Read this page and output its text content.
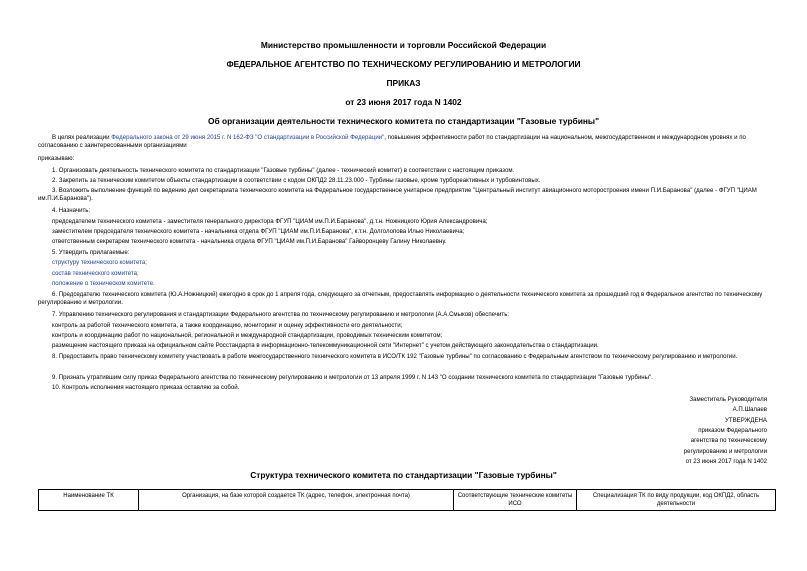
Министерство промышленности и торговли Российской Федерации
ФЕДЕРАЛЬНОЕ АГЕНТСТВО ПО ТЕХНИЧЕСКОМУ РЕГУЛИРОВАНИЮ И МЕТРОЛОГИИ
ПРИКАЗ
от 23 июня 2017 года N 1402
Об организации деятельности технического комитета по стандартизации "Газовые турбины"
В целях реализации Федерального закона от 29 июня 2015 г. N 162-ФЗ "О стандартизации в Российской Федерации", повышения эффективности работ по стандартизации на национальном, межгосударственном и международном уровнях и по согласованию с заинтересованными организациями
приказываю:
1. Организовать деятельность технического комитета по стандартизации "Газовые турбины" (далее - технический комитет) в соответствии с настоящим приказом.
2. Закрепить за техническим комитетом объекты стандартизации в соответствии с кодом ОКПД2 28.11.23.000 - Турбины газовые, кроме турбореактивных и турбовинтовых.
3. Возложить выполнение функций по ведению дел секретариата технического комитета на Федеральное государственное унитарное предприятие "Центральный институт авиационного моторостроения имени П.И.Баранова" (далее - ФГУП "ЦИАМ им.П.И.Баранова").
4. Назначить:
председателем технического комитета - заместителя генерального директора ФГУП "ЦИАМ им.П.И.Баранова", д.т.н. Ножницкого Юрия Александровича;
заместителем председателя технического комитета - начальника отдела ФГУП "ЦИАМ им.П.И.Баранова", к.т.н. Долголопова Илью Николаевича;
ответственным секретарем технического комитета - начальника отдела ФГУП "ЦИАМ им.П.И.Баранова" Гайворонцеву Галину Николаевну.
5. Утвердить прилагаемые:
структуру технического комитета;
состав технического комитета;
положение о техническом комитете.
6. Председателю технического комитета (Ю.А.Ножницкий) ежегодно в срок до 1 апреля года, следующего за отчетным, предоставлять информацию о деятельности технического комитета за прошедший год в Федеральное агентство по техническому регулированию и метрологии.
7. Управлению технического регулирования и стандартизации Федерального агентства по техническому регулированию и метрологии (А.А.Смыков) обеспечить:
контроль за работой технического комитета, а также координацию, мониторинг и оценку эффективности его деятельности;
контроль и координацию работ по национальной, региональной и международной стандартизации, проводимых техническим комитетом;
размещение настоящего приказа на официальном сайте Росстандарта в информационно-телекоммуникационной сети "Интернет" с учетом действующего законодательства о стандартизации.
8. Предоставить право техническому комитету участвовать в работе межгосударственного технического комитета в ИСО/ТК 192 "Газовые турбины" по согласованию с Федеральным агентством по техническому регулированию и метрологии.
9. Признать утратившим силу приказ Федерального агентства по техническому регулированию и метрологии от 13 апреля 1999 г. N 143 "О создании технического комитета по стандартизации "Газовые турбины".
10. Контроль исполнения настоящего приказа оставляю за собой.
Заместитель Руководителя
А.П.Шалаев
УТВЕРЖДЕНА
приказом Федерального
агентства по техническому
регулированию и метрологии
от 23 июня 2017 года N 1402
Структура технического комитета по стандартизации "Газовые турбины"
Наименование ТК	Организация, на базе которой создается ТК (адрес, телефон, электронная почта)	Соответствующие технические комитеты ИСО	Специализация ТК по виду продукции, код ОКПД2, область деятельности
